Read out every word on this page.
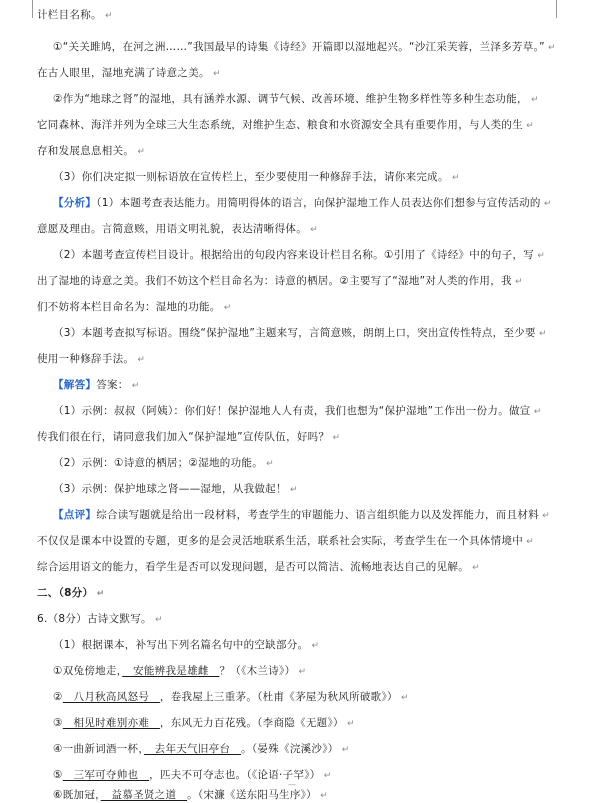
计栏目名称。 ↵
①“关关雎鸠，在河之洲……”我国最早的诗集《诗经》开篇即以湿地起兴。“沙江采芙蓉，兰泽多芳草。” ↵
在古人眼里，湿地充满了诗意之美。 ↵
②作为“地球之肾”的湿地，具有涵养水源、调节气候、改善环境、维护生物多样性等多种生态功能， ↵
它同森林、海洋并列为全球三大生态系统，对维护生态、粮食和水资源安全具有重要作用，与人类的生 ↵
存和发展息息相关。 ↵
（3）你们决定拟一则标语放在宣传栏上，至少要使用一种修辞手法，请你来完成。 ↵
【分析】（1）本题考查表达能力。用简明得体的语言，向保护湿地工作人员表达你们想参与宣传活动的 ↵
意愿及理由。言简意赅，用语文明礼貌，表达清晰得体。 ↵
（2）本题考查宣传栏目设计。根据给出的句段内容来设计栏目名称。①引用了《诗经》中的句子，写 ↵
出了湿地的诗意之美。我们不妨这个栏目命名为：诗意的栖居。②主要写了“湿地”对人类的作用，我 ↵
们不妨将本栏目命名为：湿地的功能。 ↵
（3）本题考查拟写标语。围绕“保护湿地”主题来写，言简意赅，朗朗上口，突出宣传性特点，至少要 ↵
使用一种修辞手法。 ↵
【解答】答案： ↵
（1）示例：叔叔（阿姨）：你们好！保护湿地人人有责，我们也想为“保护湿地”工作出一份力。做宣 ↵
传我们很在行，请同意我们加入“保护湿地”宣传队伍，好吗？ ↵
（2）示例：①诗意的栖居；②湿地的功能。 ↵
（3）示例：保护地球之肾——湿地，从我做起！ ↵
【点评】综合读写题就是给出一段材料，考查学生的审题能力、语言组织能力以及发挥能力，而且材料 ↵
不仅仅是课本中设置的专题，更多的是会灵活地联系生活，联系社会实际，考查学生在一个具体情境中 ↵
综合运用语文的能力，看学生是否可以发现问题，是否可以简洁、流畅地表达自己的见解。 ↵
二、（8分） ↵
6.（8分）古诗文默写。 ↵
（1）根据课本，补写出下列名篇名句中的空缺部分。 ↵
①双兔傍地走，　安能辨我是雄雌　？（《木兰诗》） ↵
②　八月秋高风怒号　，卷我屋上三重茅。（杜甫《茅屋为秋风所破歌》） ↵
③　相见时难别亦难　，东风无力百花残。（李商隐《无题》） ↵
④一曲新词酒一杯，　去年天气旧亭台　。（晏殊《浣溪沙》） ↵
⑤　三军可夺帅也　，匹夫不可夺志也。（《论语·子罕》） ↵
⑥既加冠，　益慕圣贤之道　。（宋濂《送东阳马生序》） ↵
—
